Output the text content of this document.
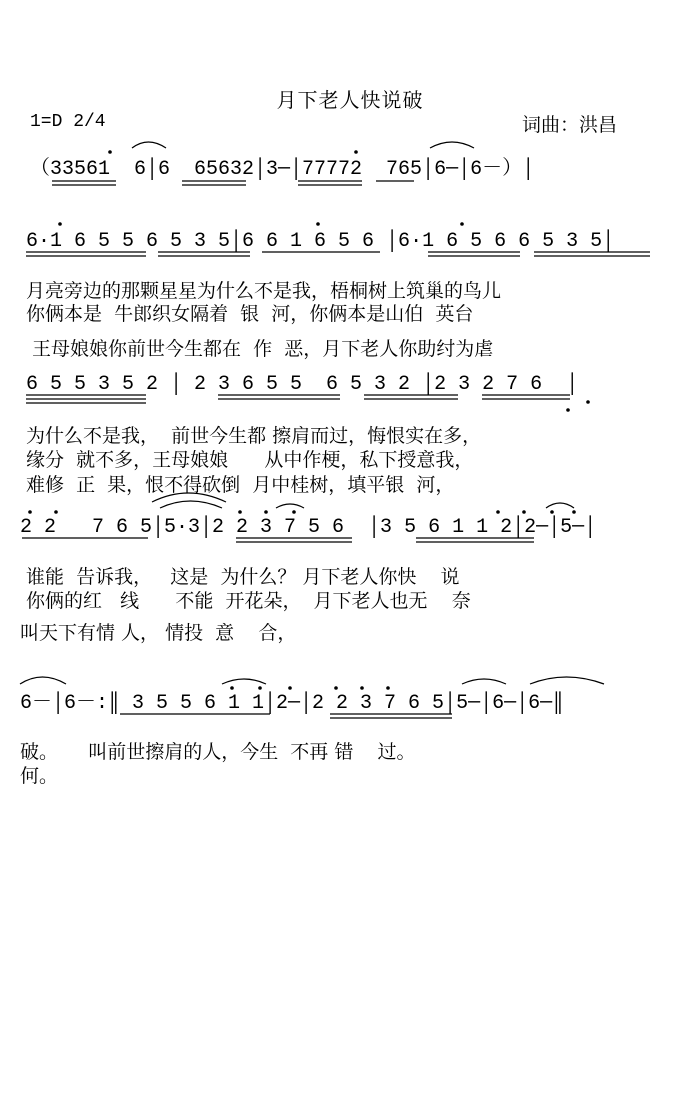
月下老人快说破
1=D 2/4	词曲：洪昌
（33561  6│6  65632│3─│77772  765│6─│6－）│
6·1 6 5 5 6 5 3 5│6 6 1 6 5 6 │6·1 6 5 6 6 5 3 5│
月亮旁边的那颗星星为什么不是我，梧桐树上筑巢的鸟儿
你俩本是  牛郎织女隔着  银  河，你俩本是山伯  英台
王母娘娘你前世今生都在  作  恶，月下老人你助纣为虐
6 5 5 3 5 2 │ 2 3 6 5 5  6 5 3 2 │2 3 2 7 6  │
为什么不是我，  前世今生都 擦肩而过，悔恨实在多，
缘分  就不多，王母娘娘      从中作梗，私下授意我，
难修  正  果，恨不得砍倒  月中桂树，填平银  河，
2 2   7 6 5│5·3│2 2 3 7 5 6  │3 5 6 1 1 2│2─│5─│
谁能  告诉我，   这是  为什么？ 月下老人你快    说
你俩的红   线      不能  开花朵，  月下老人也无    奈
叫天下有情 人， 情投  意    合，
6－│6－:║ 3 5 5 6 1 1│2─│2 2 3 7 6 5│5─│6─│6─║
破。     叫前世擦肩的人，今生  不再 错    过。
何。
